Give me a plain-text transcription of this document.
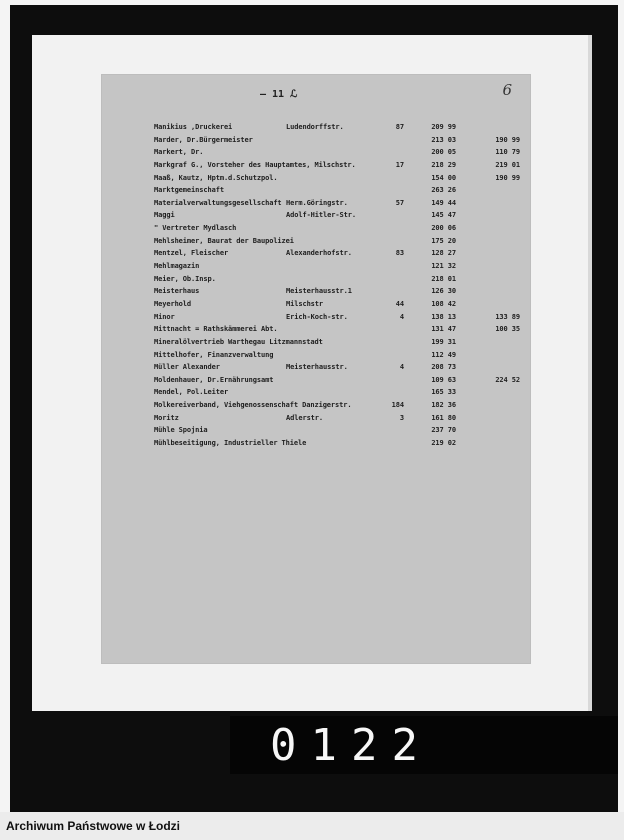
— 11 ℒ	6
Manikius ,Druckerei	Ludendorffstr.	87	209 99
Marder, Dr.Bürgermeister	213 03	190 99
Markert, Dr.	200 05	110 79
Markgraf G., Vorsteher des Hauptamtes, Milschstr.	17	218 29	219 01
Maaß, Kautz, Hptm.d.Schutzpol.	154 00	190 99
Marktgemeinschaft	263 26
Materialverwaltungsgesellschaft Herm.Göringstr.	57	149 44
Maggi	Adolf-Hitler-Str.	145 47
" Vertreter Mydlasch	200 06
Mehlsheimer, Baurat der Baupolizei	175 20
Mentzel, Fleischer	Alexanderhofstr.	83	128 27
Mehlmagazin	121 32
Meier, Ob.Insp.	218 01
Meisterhaus	Meisterhausstr.1	126 30
Meyerhold	Milschstr	44	108 42
Minor	Erich-Koch-str.	4	138 13	133 89
Mittnacht = Rathskämmerei Abt.	131 47	100 35
Mineralölvertrieb Warthegau Litzmannstadt	199 31
Mittelhofer, Finanzverwaltung	112 49
Müller Alexander	Meisterhausstr.	4	208 73
Moldenhauer, Dr.Ernährungsamt	109 63	224 52
Mendel, Pol.Leiter	165 33
Molkereiverband, Viehgenossenschaft Danzigerstr.	184	182 36
Moritz	Adlerstr.	3	161 80
Mühle Spojnia	237 70
Mühlbeseitigung, Industrieller Thiele	219 02
0122
Archiwum Państwowe w Łodzi
